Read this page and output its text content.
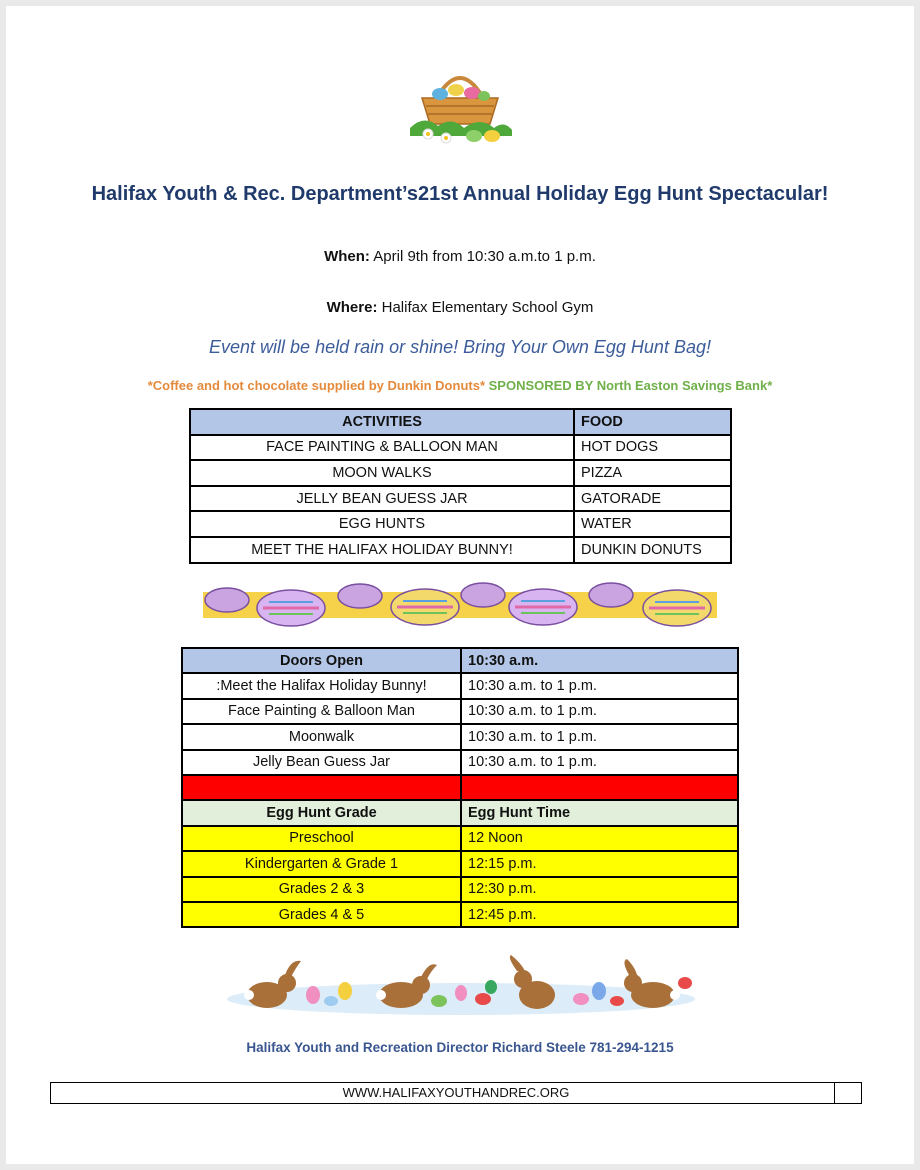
Halifax Youth & Rec. Department’s21st Annual Holiday Egg Hunt Spectacular!
When: April 9th from 10:30 a.m.to 1 p.m.
Where: Halifax Elementary School Gym
Event will be held rain or shine! Bring Your Own Egg Hunt Bag!
*Coffee and hot chocolate supplied by Dunkin Donuts* SPONSORED BY North Easton Savings Bank*
ACTIVITIES	FOOD
FACE PAINTING & BALLOON MAN	HOT DOGS
MOON WALKS	PIZZA
JELLY BEAN GUESS JAR	GATORADE
EGG HUNTS	WATER
MEET THE HALIFAX HOLIDAY BUNNY!	DUNKIN DONUTS
Doors Open	10:30 a.m.
:Meet the Halifax Holiday Bunny!	10:30 a.m. to 1 p.m.
Face Painting & Balloon Man	10:30 a.m. to 1 p.m.
Moonwalk	10:30 a.m. to 1 p.m.
Jelly Bean Guess Jar	10:30 a.m. to 1 p.m.

Egg Hunt Grade	Egg Hunt Time
Preschool	12 Noon
Kindergarten & Grade 1	12:15 p.m.
Grades 2 & 3	12:30 p.m.
Grades 4 & 5	12:45 p.m.
Halifax Youth and Recreation Director Richard Steele 781-294-1215
WWW.HALIFAXYOUTHANDREC.ORG
